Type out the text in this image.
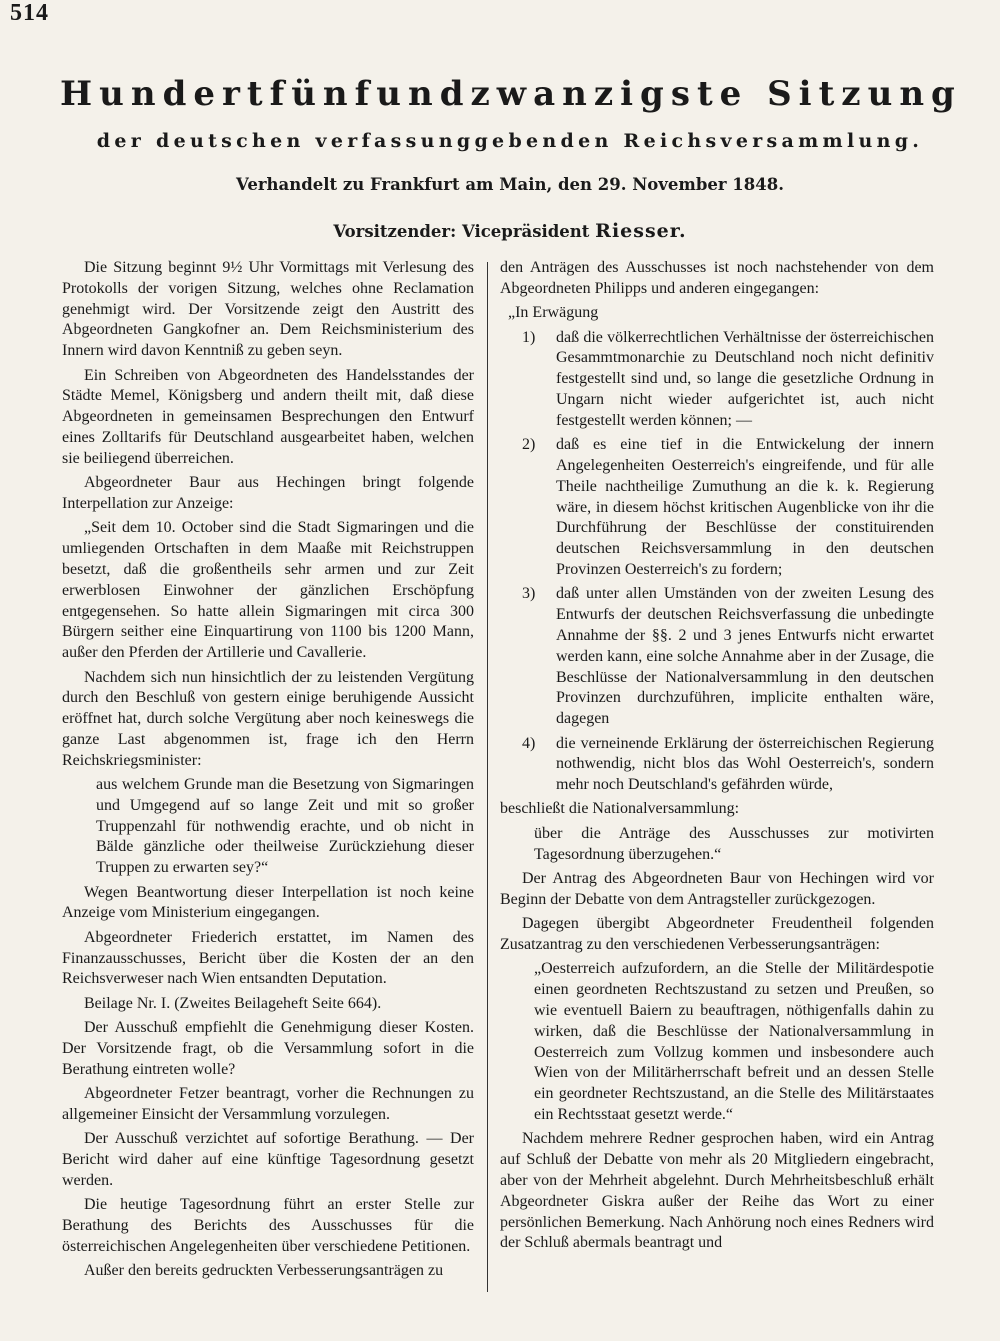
514
Hundertfünfundzwanzigste Sitzung
der deutschen verfassunggebenden Reichsversammlung.
Verhandelt zu Frankfurt am Main, den 29. November 1848.
Vorsitzender: Vicepräsident Riesser.

Die Sitzung beginnt 9½ Uhr Vormittags mit Verlesung des Protokolls der vorigen Sitzung, welches ohne Reclamation genehmigt wird. Der Vorsitzende zeigt den Austritt des Abgeordneten Gangkofner an. Dem Reichsministerium des Innern wird davon Kenntniß zu geben seyn.

Ein Schreiben von Abgeordneten des Handelsstandes der Städte Memel, Königsberg und andern theilt mit, daß diese Abgeordneten in gemeinsamen Besprechungen den Entwurf eines Zolltarifs für Deutschland ausgearbeitet haben, welchen sie beiliegend überreichen.

Abgeordneter Baur aus Hechingen bringt folgende Interpellation zur Anzeige:

„Seit dem 10. October sind die Stadt Sigmaringen und die umliegenden Ortschaften in dem Maaße mit Reichstruppen besetzt, daß die großentheils sehr armen und zur Zeit erwerblosen Einwohner der gänzlichen Erschöpfung entgegensehen. So hatte allein Sigmaringen mit circa 300 Bürgern seither eine Einquartirung von 1100 bis 1200 Mann, außer den Pferden der Artillerie und Cavallerie.

Nachdem sich nun hinsichtlich der zu leistenden Vergütung durch den Beschluß von gestern einige beruhigende Aussicht eröffnet hat, durch solche Vergütung aber noch keineswegs die ganze Last abgenommen ist, frage ich den Herrn Reichskriegsminister:

aus welchem Grunde man die Besetzung von Sigmaringen und Umgegend auf so lange Zeit und mit so großer Truppenzahl für nothwendig erachte, und ob nicht in Bälde gänzliche oder theilweise Zurückziehung dieser Truppen zu erwarten sey?“

Wegen Beantwortung dieser Interpellation ist noch keine Anzeige vom Ministerium eingegangen.

Abgeordneter Friederich erstattet, im Namen des Finanzausschusses, Bericht über die Kosten der an den Reichsverweser nach Wien entsandten Deputation.

Beilage Nr. I. (Zweites Beilageheft Seite 664).

Der Ausschuß empfiehlt die Genehmigung dieser Kosten. Der Vorsitzende fragt, ob die Versammlung sofort in die Berathung eintreten wolle?

Abgeordneter Fetzer beantragt, vorher die Rechnungen zu allgemeiner Einsicht der Versammlung vorzulegen.

Der Ausschuß verzichtet auf sofortige Berathung. — Der Bericht wird daher auf eine künftige Tagesordnung gesetzt werden.

Die heutige Tagesordnung führt an erster Stelle zur Berathung des Berichts des Ausschusses für die österreichischen Angelegenheiten über verschiedene Petitionen.

Außer den bereits gedruckten Verbesserungsanträgen zu

den Anträgen des Ausschusses ist noch nachstehender von dem Abgeordneten Philipps und anderen eingegangen:

„In Erwägung

1)	daß die völkerrechtlichen Verhältnisse der österreichischen Gesammtmonarchie zu Deutschland noch nicht definitiv festgestellt sind und, so lange die gesetzliche Ordnung in Ungarn nicht wieder aufgerichtet ist, auch nicht festgestellt werden können; —
2)	daß es eine tief in die Entwickelung der innern Angelegenheiten Oesterreich's eingreifende, und für alle Theile nachtheilige Zumuthung an die k. k. Regierung wäre, in diesem höchst kritischen Augenblicke von ihr die Durchführung der Beschlüsse der constituirenden deutschen Reichsversammlung in den deutschen Provinzen Oesterreich's zu fordern;
3)	daß unter allen Umständen von der zweiten Lesung des Entwurfs der deutschen Reichsverfassung die unbedingte Annahme der §§. 2 und 3 jenes Entwurfs nicht erwartet werden kann, eine solche Annahme aber in der Zusage, die Beschlüsse der Nationalversammlung in den deutschen Provinzen durchzuführen, implicite enthalten wäre, dagegen
4)	die verneinende Erklärung der österreichischen Regierung nothwendig, nicht blos das Wohl Oesterreich's, sondern mehr noch Deutschland's gefährden würde,

beschließt die Nationalversammlung:

über die Anträge des Ausschusses zur motivirten Tagesordnung überzugehen.“

Der Antrag des Abgeordneten Baur von Hechingen wird vor Beginn der Debatte von dem Antragsteller zurückgezogen.

Dagegen übergibt Abgeordneter Freudentheil folgenden Zusatzantrag zu den verschiedenen Verbesserungsanträgen:

„Oesterreich aufzufordern, an die Stelle der Militärdespotie einen geordneten Rechtszustand zu setzen und Preußen, so wie eventuell Baiern zu beauftragen, nöthigenfalls dahin zu wirken, daß die Beschlüsse der Nationalversammlung in Oesterreich zum Vollzug kommen und insbesondere auch Wien von der Militärherrschaft befreit und an dessen Stelle ein geordneter Rechtszustand, an die Stelle des Militärstaates ein Rechtsstaat gesetzt werde.“

Nachdem mehrere Redner gesprochen haben, wird ein Antrag auf Schluß der Debatte von mehr als 20 Mitgliedern eingebracht, aber von der Mehrheit abgelehnt. Durch Mehrheitsbeschluß erhält Abgeordneter Giskra außer der Reihe das Wort zu einer persönlichen Bemerkung. Nach Anhörung noch eines Redners wird der Schluß abermals beantragt und
